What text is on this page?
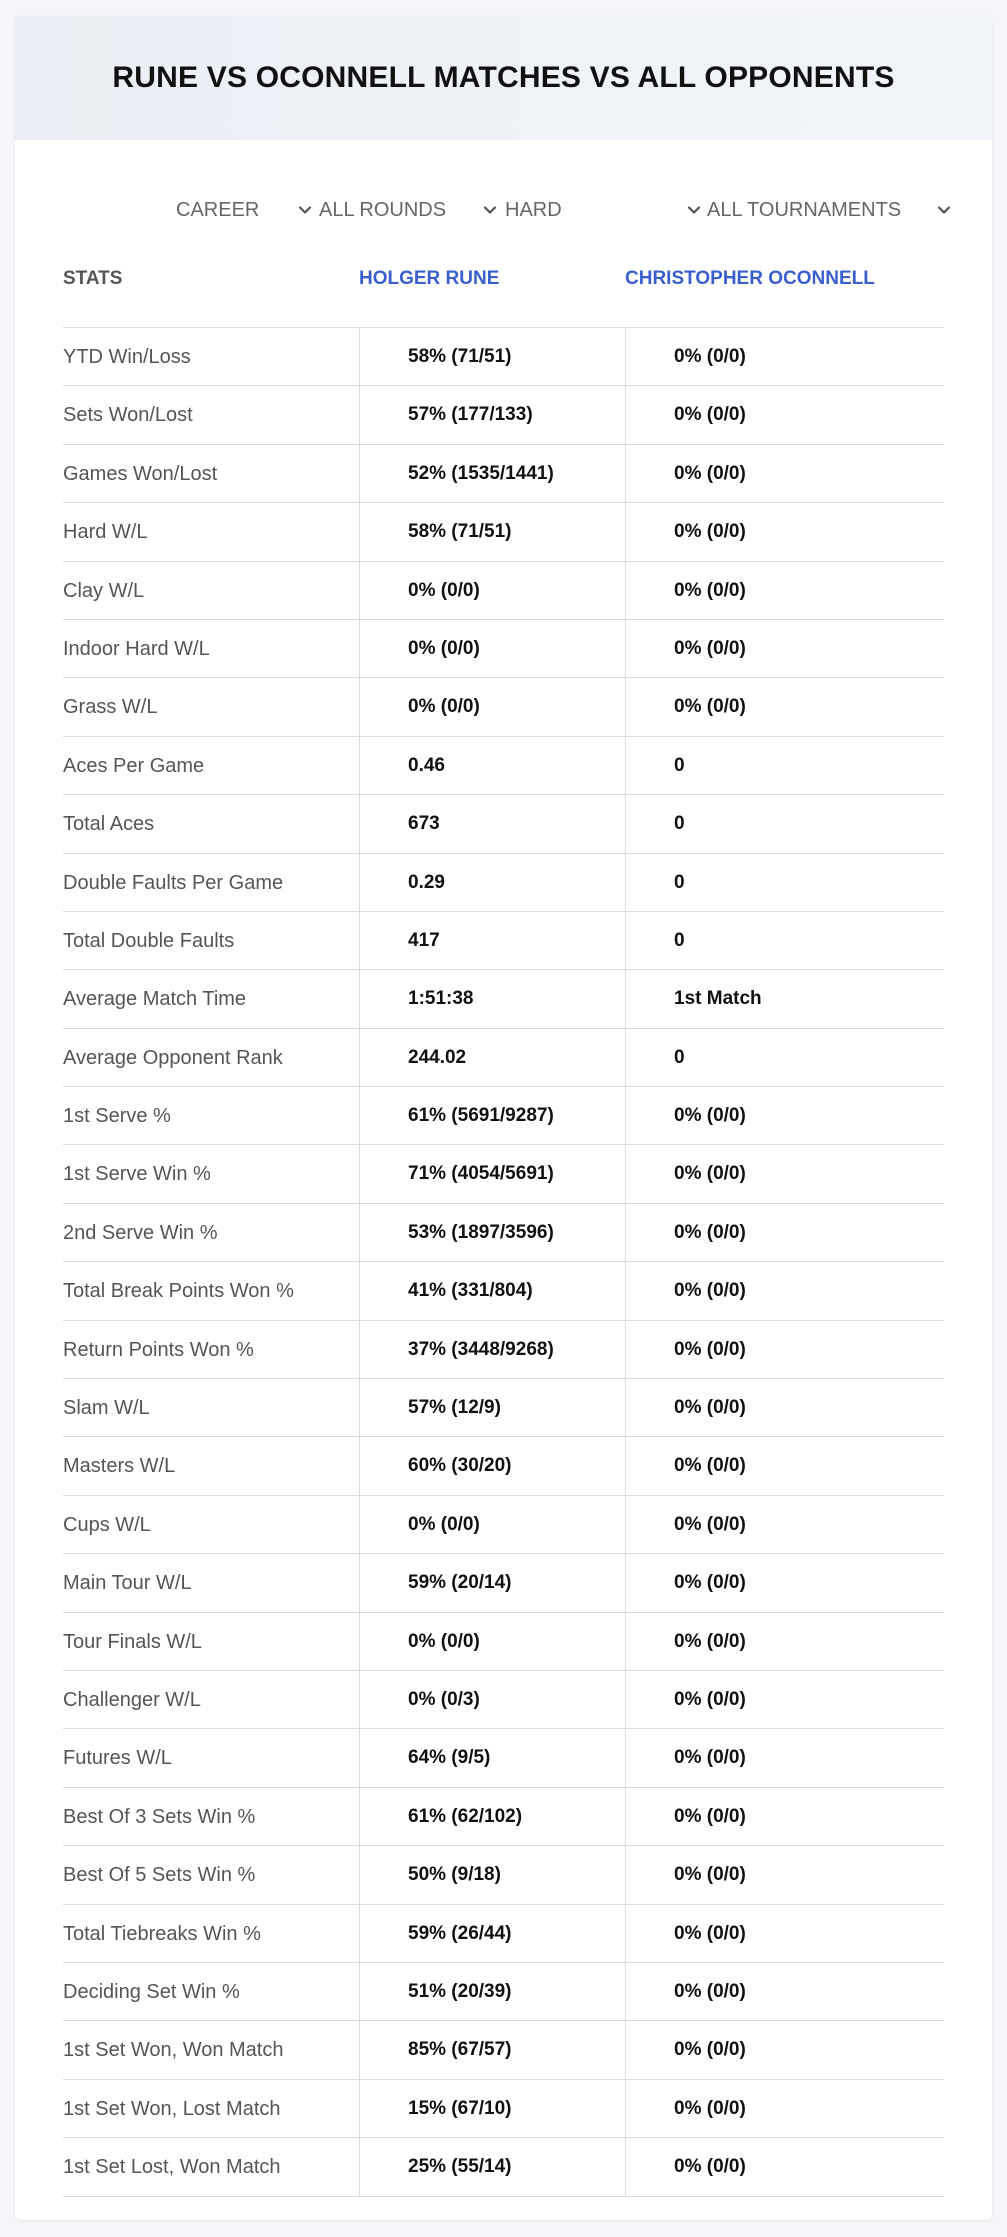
RUNE VS OCONNELL MATCHES VS ALL OPPONENTS
CAREER	ALL ROUNDS	HARD	ALL TOURNAMENTS
STATS	HOLGER RUNE	CHRISTOPHER OCONNELL
YTD Win/Loss	58% (71/51)	0% (0/0)
Sets Won/Lost	57% (177/133)	0% (0/0)
Games Won/Lost	52% (1535/1441)	0% (0/0)
Hard W/L	58% (71/51)	0% (0/0)
Clay W/L	0% (0/0)	0% (0/0)
Indoor Hard W/L	0% (0/0)	0% (0/0)
Grass W/L	0% (0/0)	0% (0/0)
Aces Per Game	0.46	0
Total Aces	673	0
Double Faults Per Game	0.29	0
Total Double Faults	417	0
Average Match Time	1:51:38	1st Match
Average Opponent Rank	244.02	0
1st Serve %	61% (5691/9287)	0% (0/0)
1st Serve Win %	71% (4054/5691)	0% (0/0)
2nd Serve Win %	53% (1897/3596)	0% (0/0)
Total Break Points Won %	41% (331/804)	0% (0/0)
Return Points Won %	37% (3448/9268)	0% (0/0)
Slam W/L	57% (12/9)	0% (0/0)
Masters W/L	60% (30/20)	0% (0/0)
Cups W/L	0% (0/0)	0% (0/0)
Main Tour W/L	59% (20/14)	0% (0/0)
Tour Finals W/L	0% (0/0)	0% (0/0)
Challenger W/L	0% (0/3)	0% (0/0)
Futures W/L	64% (9/5)	0% (0/0)
Best Of 3 Sets Win %	61% (62/102)	0% (0/0)
Best Of 5 Sets Win %	50% (9/18)	0% (0/0)
Total Tiebreaks Win %	59% (26/44)	0% (0/0)
Deciding Set Win %	51% (20/39)	0% (0/0)
1st Set Won, Won Match	85% (67/57)	0% (0/0)
1st Set Won, Lost Match	15% (67/10)	0% (0/0)
1st Set Lost, Won Match	25% (55/14)	0% (0/0)
